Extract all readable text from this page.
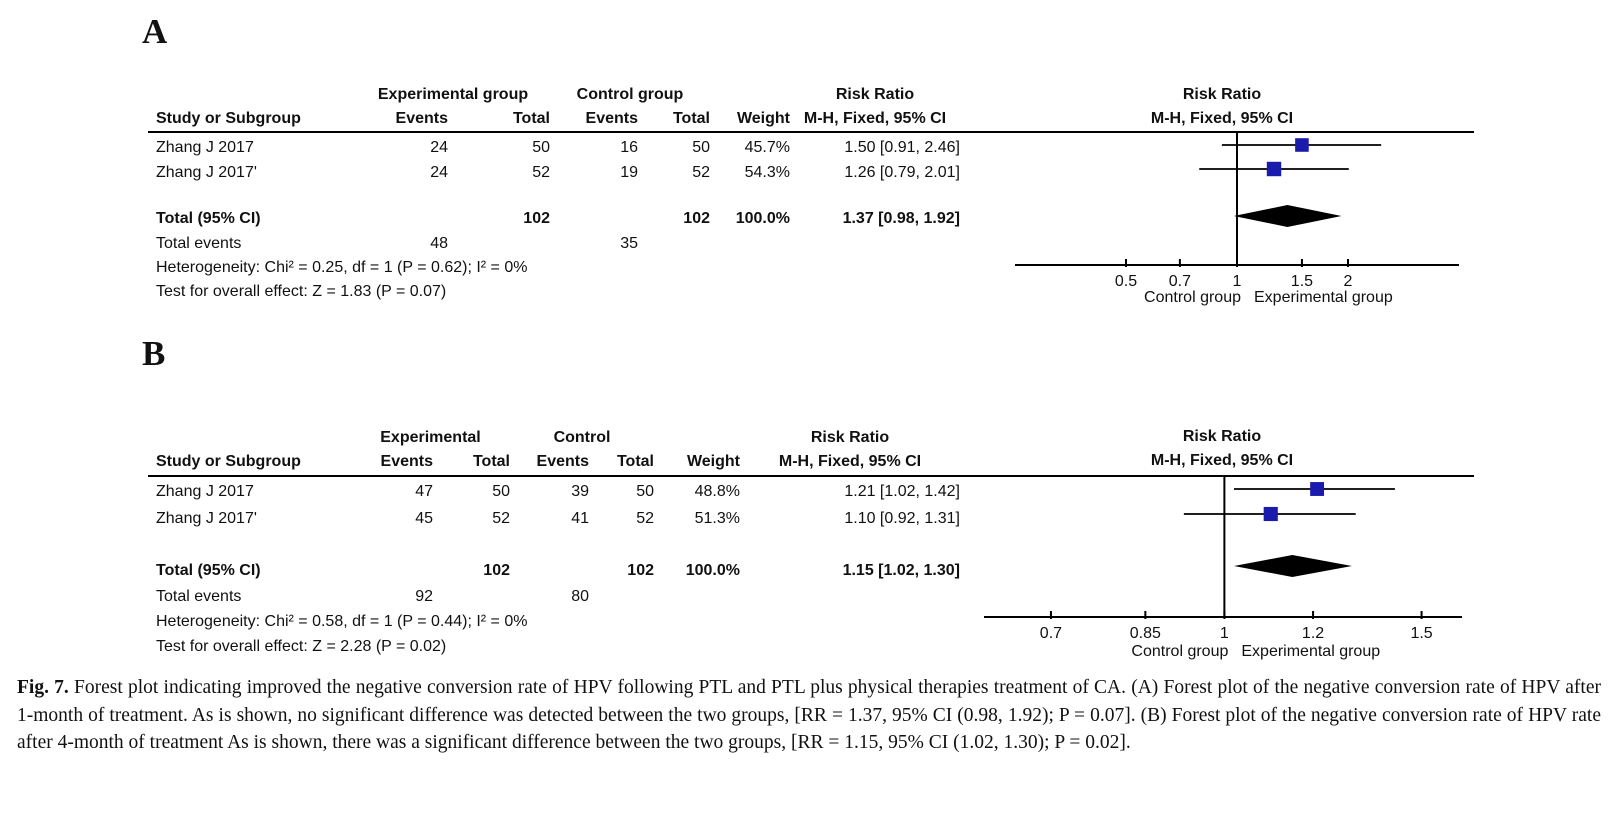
A
	Experimental group		Control group			Risk Ratio
Study or Subgroup	Events	Total	Events	Total	Weight	M-H, Fixed, 95% CI
Zhang J 2017	24	50	16	50	45.7%	1.50 [0.91, 2.46]
Zhang J 2017'	24	52	19	52	54.3%	1.26 [0.79, 2.01]

Total (95% CI)		102		102	100.0%	1.37 [0.98, 1.92]
Total events	48		35			
Heterogeneity: Chi² = 0.25, df = 1 (P = 0.62); I² = 0%						
Test for overall effect: Z = 1.83 (P = 0.07)						
Risk Ratio
M-H, Fixed, 95% CI
0.5 0.7	1	1.5 2
Control group Experimental group
B
	Experimental		Control			Risk Ratio
Study or Subgroup	Events	Total	Events	Total	Weight	M-H, Fixed, 95% CI
Zhang J 2017	47	50	39	50	48.8%	1.21 [1.02, 1.42]
Zhang J 2017'	45	52	41	52	51.3%	1.10 [0.92, 1.31]

Total (95% CI)		102		102	100.0%	1.15 [1.02, 1.30]
Total events	92		80			
Heterogeneity: Chi² = 0.58, df = 1 (P = 0.44); I² = 0%						
Test for overall effect: Z = 2.28 (P = 0.02)						
Risk Ratio
M-H, Fixed, 95% CI
0.7	0.85	1	1.2	1.5
Control group Experimental group
Fig. 7. Forest plot indicating improved the negative conversion rate of HPV following PTL and PTL plus physical therapies treatment of CA. (A) Forest plot of the negative conversion rate of HPV after 1-month of treatment. As is shown, no significant difference was detected between the two groups, [RR = 1.37, 95% CI (0.98, 1.92); P = 0.07]. (B) Forest plot of the negative conversion rate of HPV rate after 4-month of treatment As is shown, there was a significant difference between the two groups, [RR = 1.15, 95% CI (1.02, 1.30); P = 0.02].
